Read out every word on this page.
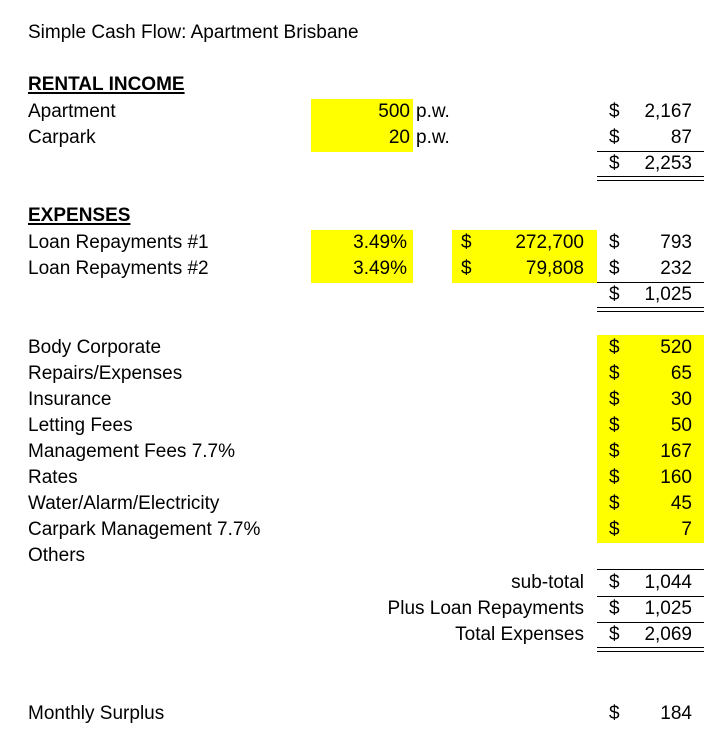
Simple Cash Flow: Apartment Brisbane
RENTAL INCOME
Apartment	500 p.w.	$	2,167
Carpark	20 p.w.	$	87
$	2,253
EXPENSES
Loan Repayments #1	3.49%	$	272,700 $	793
Loan Repayments #2	3.49%	$	79,808 $	232
$	1,025
Body Corporate	$	520
Repairs/Expenses	$	65
Insurance	$	30
Letting Fees	$	50
Management Fees 7.7%	$	167
Rates	$	160
Water/Alarm/Electricity	$	45
Carpark Management 7.7%	$	7
Others
sub-total $	1,044
Plus Loan Repayments $	1,025
Total Expenses $	2,069
Monthly Surplus	$	184
